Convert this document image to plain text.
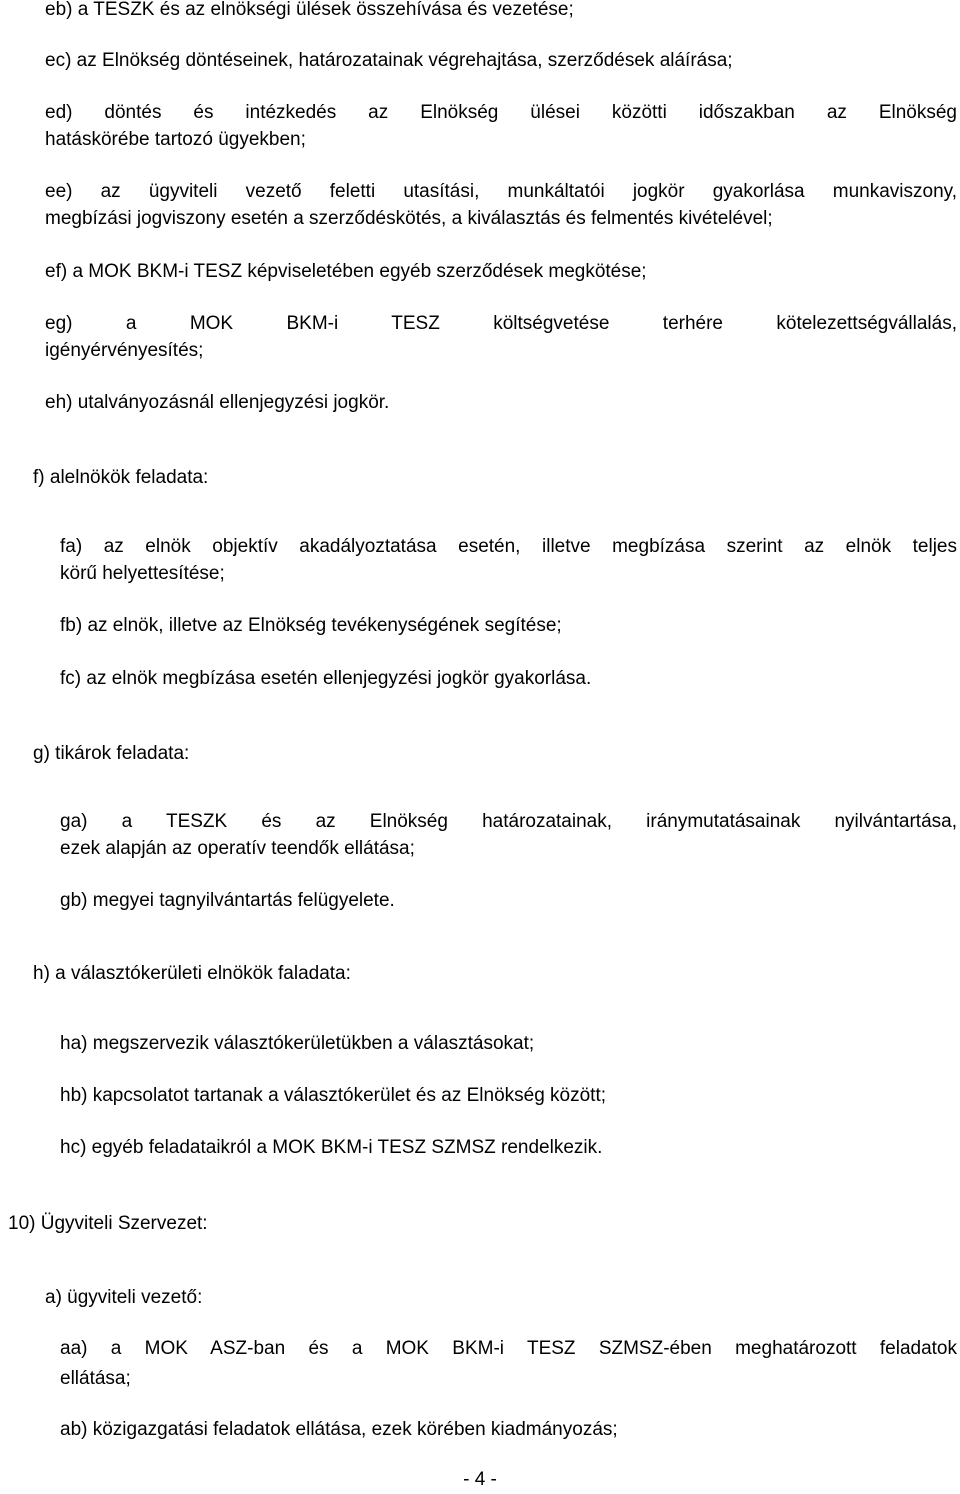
eb) a TESZK és az elnökségi ülések összehívása és vezetése;

ec) az Elnökség döntéseinek, határozatainak végrehajtása, szerződések aláírása;

ed) döntés és intézkedés az Elnökség ülései közötti időszakban az Elnökség

hatáskörébe tartozó ügyekben;

ee) az ügyviteli vezető feletti utasítási, munkáltatói jogkör gyakorlása munkaviszony,

megbízási jogviszony esetén a szerződéskötés, a kiválasztás és felmentés kivételével;

ef) a MOK BKM-i TESZ képviseletében egyéb szerződések megkötése;

eg) a MOK BKM-i TESZ költségvetése terhére kötelezettségvállalás,

igényérvényesítés;

eh) utalványozásnál ellenjegyzési jogkör.

f) alelnökök feladata:

fa) az elnök objektív akadályoztatása esetén, illetve megbízása szerint az elnök teljes

körű helyettesítése;

fb) az elnök, illetve az Elnökség tevékenységének segítése;

fc) az elnök megbízása esetén ellenjegyzési jogkör gyakorlása.

g) tikárok feladata:

ga) a TESZK és az Elnökség határozatainak, iránymutatásainak nyilvántartása,

ezek alapján az operatív teendők ellátása;

gb) megyei tagnyilvántartás felügyelete.

h) a választókerületi elnökök faladata:

ha) megszervezik választókerületükben a választásokat;

hb) kapcsolatot tartanak a választókerület és az Elnökség között;

hc) egyéb feladataikról a MOK BKM-i TESZ SZMSZ rendelkezik.

10) Ügyviteli Szervezet:

a) ügyviteli vezető:

aa) a MOK ASZ-ban és a MOK BKM-i TESZ SZMSZ-ében meghatározott feladatok

ellátása;

ab) közigazgatási feladatok ellátása, ezek körében kiadmányozás;

- 4 -
